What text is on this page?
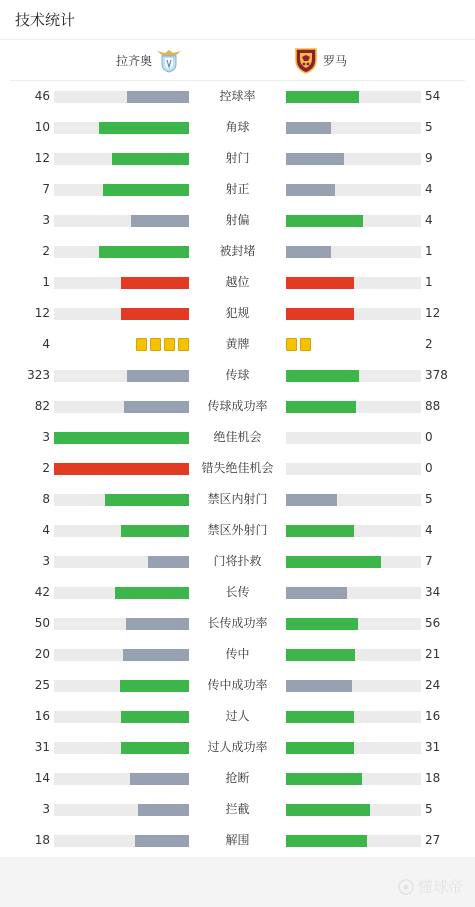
技术统计
拉齐奥	罗马
46	控球率	54
10	角球	5
12	射门	9
7	射正	4
3	射偏	4
2	被封堵	1
1	越位	1
12	犯规	12
4	黄牌	2
323	传球	378
82	传球成功率	88
3	绝佳机会	0
2	错失绝佳机会	0
8	禁区内射门	5
4	禁区外射门	4
3	门将扑救	7
42	长传	34
50	长传成功率	56
20	传中	21
25	传中成功率	24
16	过人	16
31	过人成功率	31
14	抢断	18
3	拦截	5
18	解围	27
懂球帝
